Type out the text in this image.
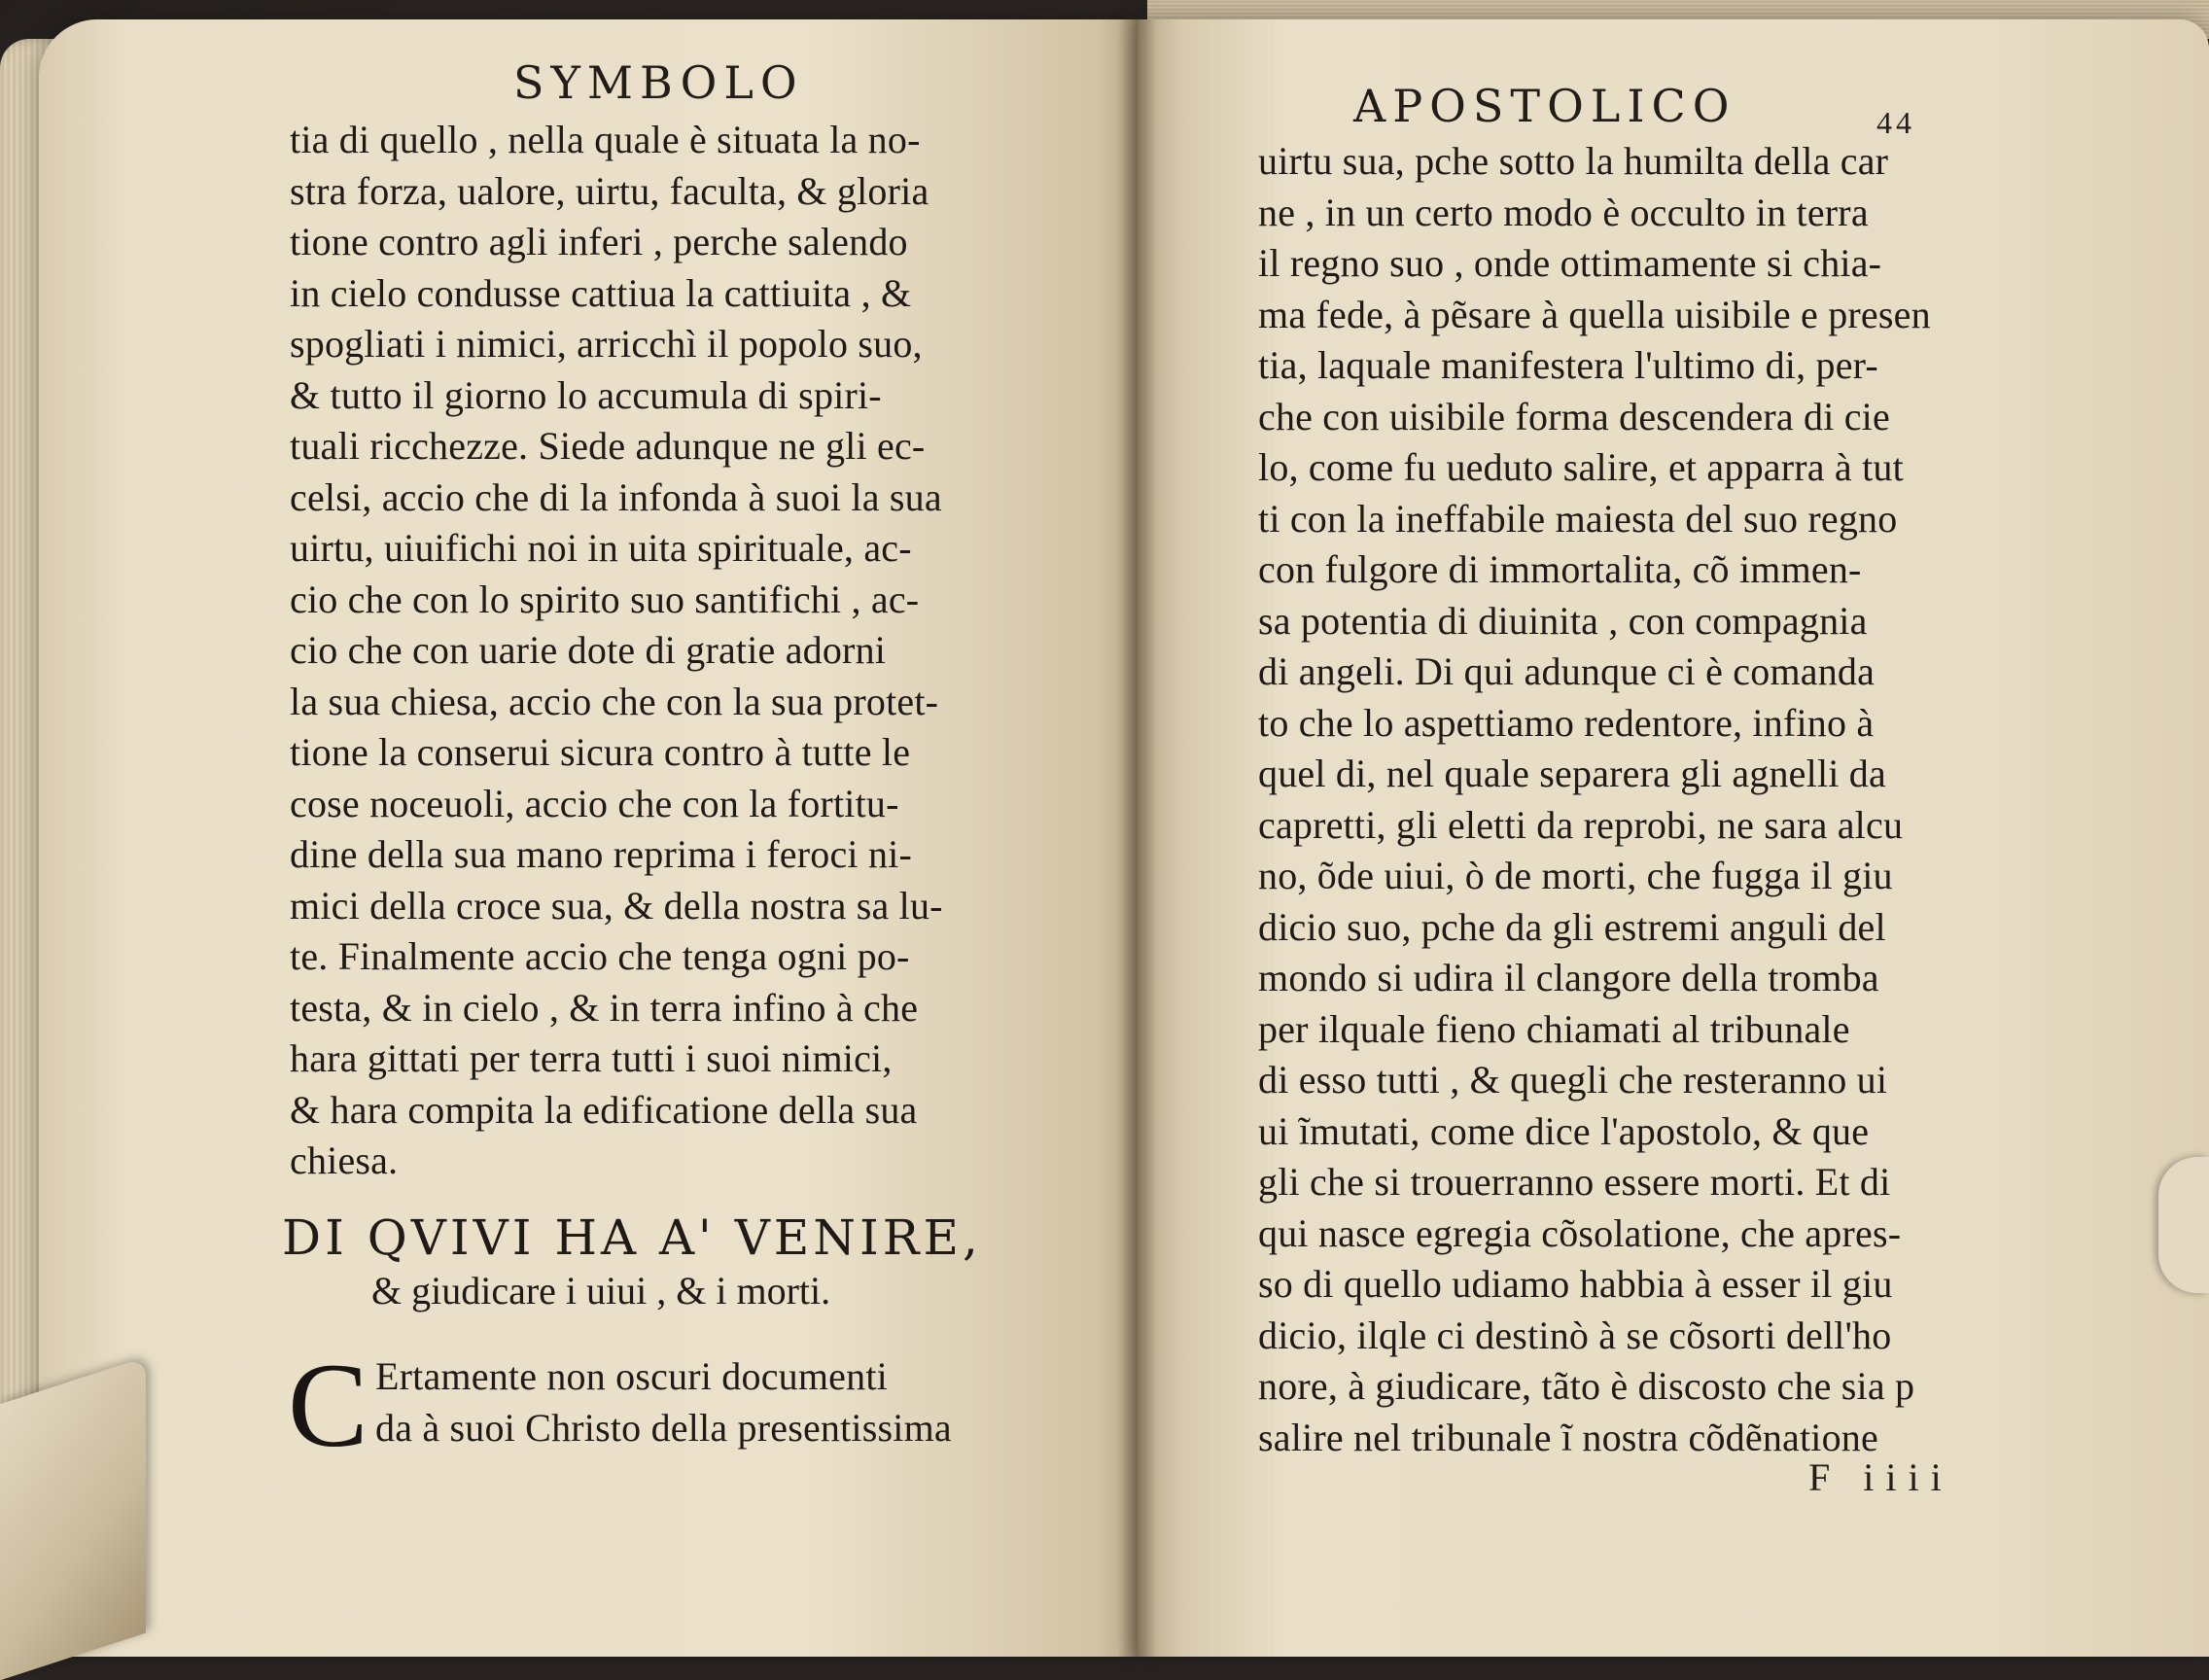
SYMBOLO
tia di quello , nella quale è situata la no-
stra forza, ualore, uirtu, faculta, & gloria
tione contro agli inferi , perche salendo
in cielo condusse cattiua la cattiuita , &
spogliati i nimici, arricchì il popolo suo,
& tutto il giorno lo accumula di spiri-
tuali ricchezze. Siede adunque ne gli ec-
celsi, accio che di la infonda à suoi la sua
uirtu, uiuifichi noi in uita spirituale, ac-
cio che con lo spirito suo santifichi , ac-
cio che con uarie dote di gratie adorni
la sua chiesa, accio che con la sua protet-
tione la conserui sicura contro à tutte le
cose noceuoli, accio che con la fortitu-
dine della sua mano reprima i feroci ni-
mici della croce sua, & della nostra sa lu-
te. Finalmente accio che tenga ogni po-
testa, & in cielo , & in terra infino à che
hara gittati per terra tutti i suoi nimici,
& hara compita la edificatione della sua
chiesa.
DI QVIVI HA A' VENIRE,
& giudicare i uiui , & i morti.
C Ertamente non oscuri documenti
da à suoi Christo della presentissima
APOSTOLICO	44
uirtu sua, pche sotto la humilta della car
ne , in un certo modo è occulto in terra
il regno suo , onde ottimamente si chia-
ma fede, à pẽsare à quella uisibile e presen
tia, laquale manifestera l'ultimo di, per-
che con uisibile forma descendera di cie
lo, come fu ueduto salire, et apparra à tut
ti con la ineffabile maiesta del suo regno
con fulgore di immortalita, cõ immen-
sa potentia di diuinita , con compagnia
di angeli. Di qui adunque ci è comanda
to che lo aspettiamo redentore, infino à
quel di, nel quale separera gli agnelli da
capretti, gli eletti da reprobi, ne sara alcu
no, õde uiui, ò de morti, che fugga il giu
dicio suo, pche da gli estremi anguli del
mondo si udira il clangore della tromba
per ilquale fieno chiamati al tribunale
di esso tutti , & quegli che resteranno ui
ui ĩmutati, come dice l'apostolo, & que
gli che si trouerranno essere morti. Et di
qui nasce egregia cõsolatione, che apres-
so di quello udiamo habbia à esser il giu
dicio, ilqle ci destinò à se cõsorti dell'ho
nore, à giudicare, tãto è discosto che sia p
salire nel tribunale ĩ nostra cõdẽnatione
F iiii
